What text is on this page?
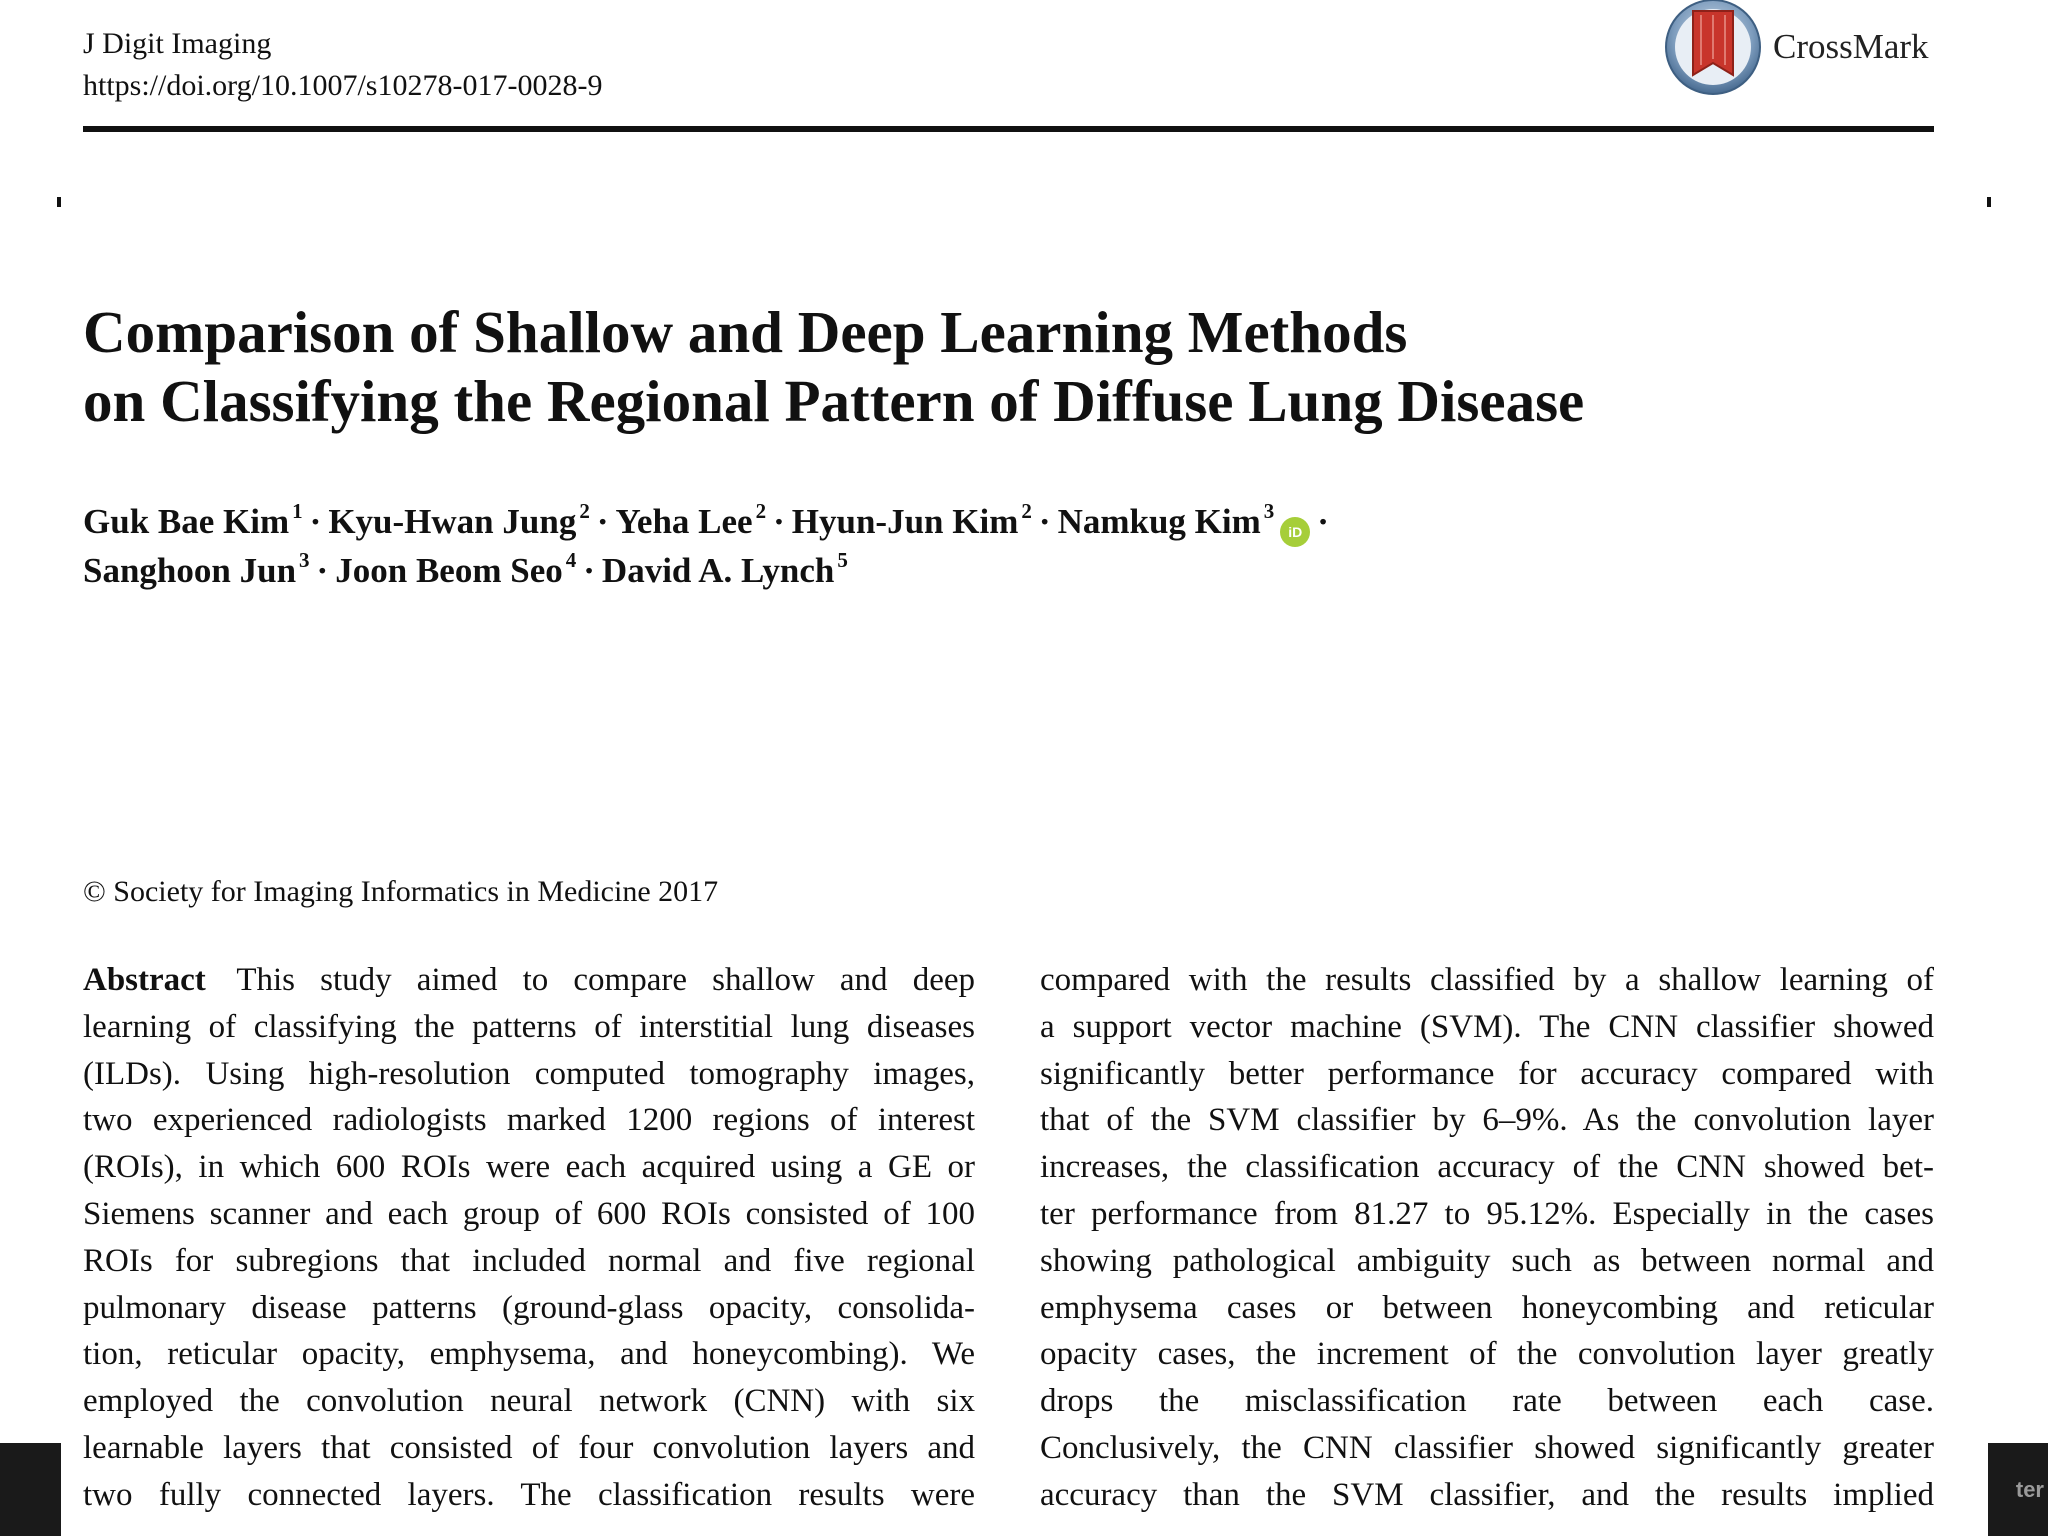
J Digit Imaging
https://doi.org/10.1007/s10278-017-0028-9
CrossMark
Comparison of Shallow and Deep Learning Methods
on Classifying the Regional Pattern of Diffuse Lung Disease
Guk Bae Kim $^1$ · Kyu-Hwan Jung $^2$ · Yeha Lee $^2$ · Hyun-Jun Kim $^2$ · Namkug Kim $^3$iD ·
Sanghoon Jun $^3$ · Joon Beom Seo $^4$ · David A. Lynch $^5$
© Society for Imaging Informatics in Medicine 2017
Abstract This study aimed to compare shallow and deep
learning of classifying the patterns of interstitial lung diseases
(ILDs). Using high-resolution computed tomography images,
two experienced radiologists marked 1200 regions of interest
(ROIs), in which 600 ROIs were each acquired using a GE or
Siemens scanner and each group of 600 ROIs consisted of 100
ROIs for subregions that included normal and five regional
pulmonary disease patterns (ground-glass opacity, consolida-
tion, reticular opacity, emphysema, and honeycombing). We
employed the convolution neural network (CNN) with six
learnable layers that consisted of four convolution layers and
two fully connected layers. The classification results were
compared with the results classified by a shallow learning of
a support vector machine (SVM). The CNN classifier showed
significantly better performance for accuracy compared with
that of the SVM classifier by 6–9%. As the convolution layer
increases, the classification accuracy of the CNN showed bet-
ter performance from 81.27 to 95.12%. Especially in the cases
showing pathological ambiguity such as between normal and
emphysema cases or between honeycombing and reticular
opacity cases, the increment of the convolution layer greatly
drops the misclassification rate between each case.
Conclusively, the CNN classifier showed significantly greater
accuracy than the SVM classifier, and the results implied	ter
